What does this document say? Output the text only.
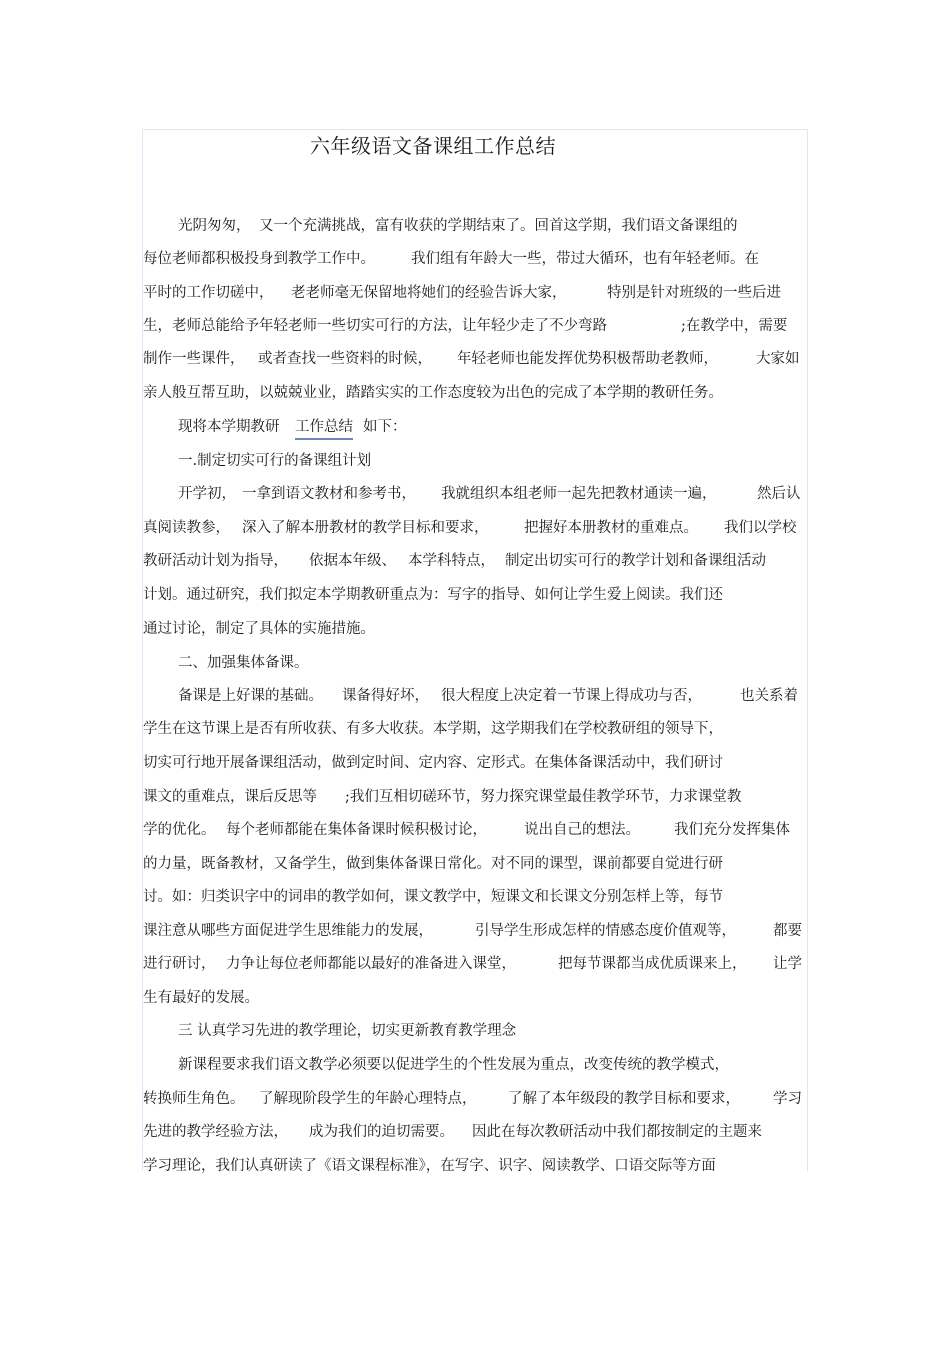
六年级语文备课组工作总结
光阴匆匆， 又一个充满挑战，富有收获的学期结束了。回首这学期，我们语文备课组的
每位老师都积极投身到教学工作中。 我们组有年龄大一些，带过大循环，也有年轻老师。在
平时的工作切磋中， 老老师毫无保留地将她们的经验告诉大家，	特别是针对班级的一些后进
生，老师总能给予年轻老师一些切实可行的方法，让年轻少走了不少弯路	;在教学中，需要
制作一些课件， 或者查找一些资料的时候， 年轻老师也能发挥优势积极帮助老教师，	大家如
亲人般互帮互助，以兢兢业业，踏踏实实的工作态度较为出色的完成了本学期的教研任务。
现将本学期教研 工作总结 如下：
一.制定切实可行的备课组计划
开学初， 一拿到语文教材和参考书， 我就组织本组老师一起先把教材通读一遍，	然后认
真阅读教参， 深入了解本册教材的教学目标和要求， 把握好本册教材的重难点。 我们以学校
教研活动计划为指导， 依据本年级、 本学科特点， 制定出切实可行的教学计划和备课组活动
计划。通过研究，我们拟定本学期教研重点为：写字的指导、如何让学生爱上阅读。我们还
通过讨论，制定了具体的实施措施。
二、加强集体备课。
备课是上好课的基础。 课备得好坏， 很大程度上决定着一节课上得成功与否，	也关系着
学生在这节课上是否有所收获、有多大收获。本学期，这学期我们在学校教研组的领导下，
切实可行地开展备课组活动，做到定时间、定内容、定形式。在集体备课活动中，我们研讨
课文的重难点，课后反思等 ;我们互相切磋环节，努力探究课堂最佳教学环节，力求课堂教
学的优化。 每个老师都能在集体备课时候积极讨论，	说出自己的想法。 我们充分发挥集体
的力量，既备教材，又备学生，做到集体备课日常化。对不同的课型，课前都要自觉进行研
讨。如：归类识字中的词串的教学如何，课文教学中，短课文和长课文分别怎样上等，每节
课注意从哪些方面促进学生思维能力的发展，	引导学生形成怎样的情感态度价值观等，	都要
进行研讨， 力争让每位老师都能以最好的准备进入课堂，	把每节课都当成优质课来上， 让学
生有最好的发展。
三 认真学习先进的教学理论，切实更新教育教学理念
新课程要求我们语文教学必须要以促进学生的个性发展为重点，改变传统的教学模式，
转换师生角色。 了解现阶段学生的年龄心理特点， 了解了本年级段的教学目标和要求， 学习
先进的教学经验方法， 成为我们的迫切需要。 因此在每次教研活动中我们都按制定的主题来
学习理论，我们认真研读了《语文课程标准》，在写字、识字、阅读教学、口语交际等方面
